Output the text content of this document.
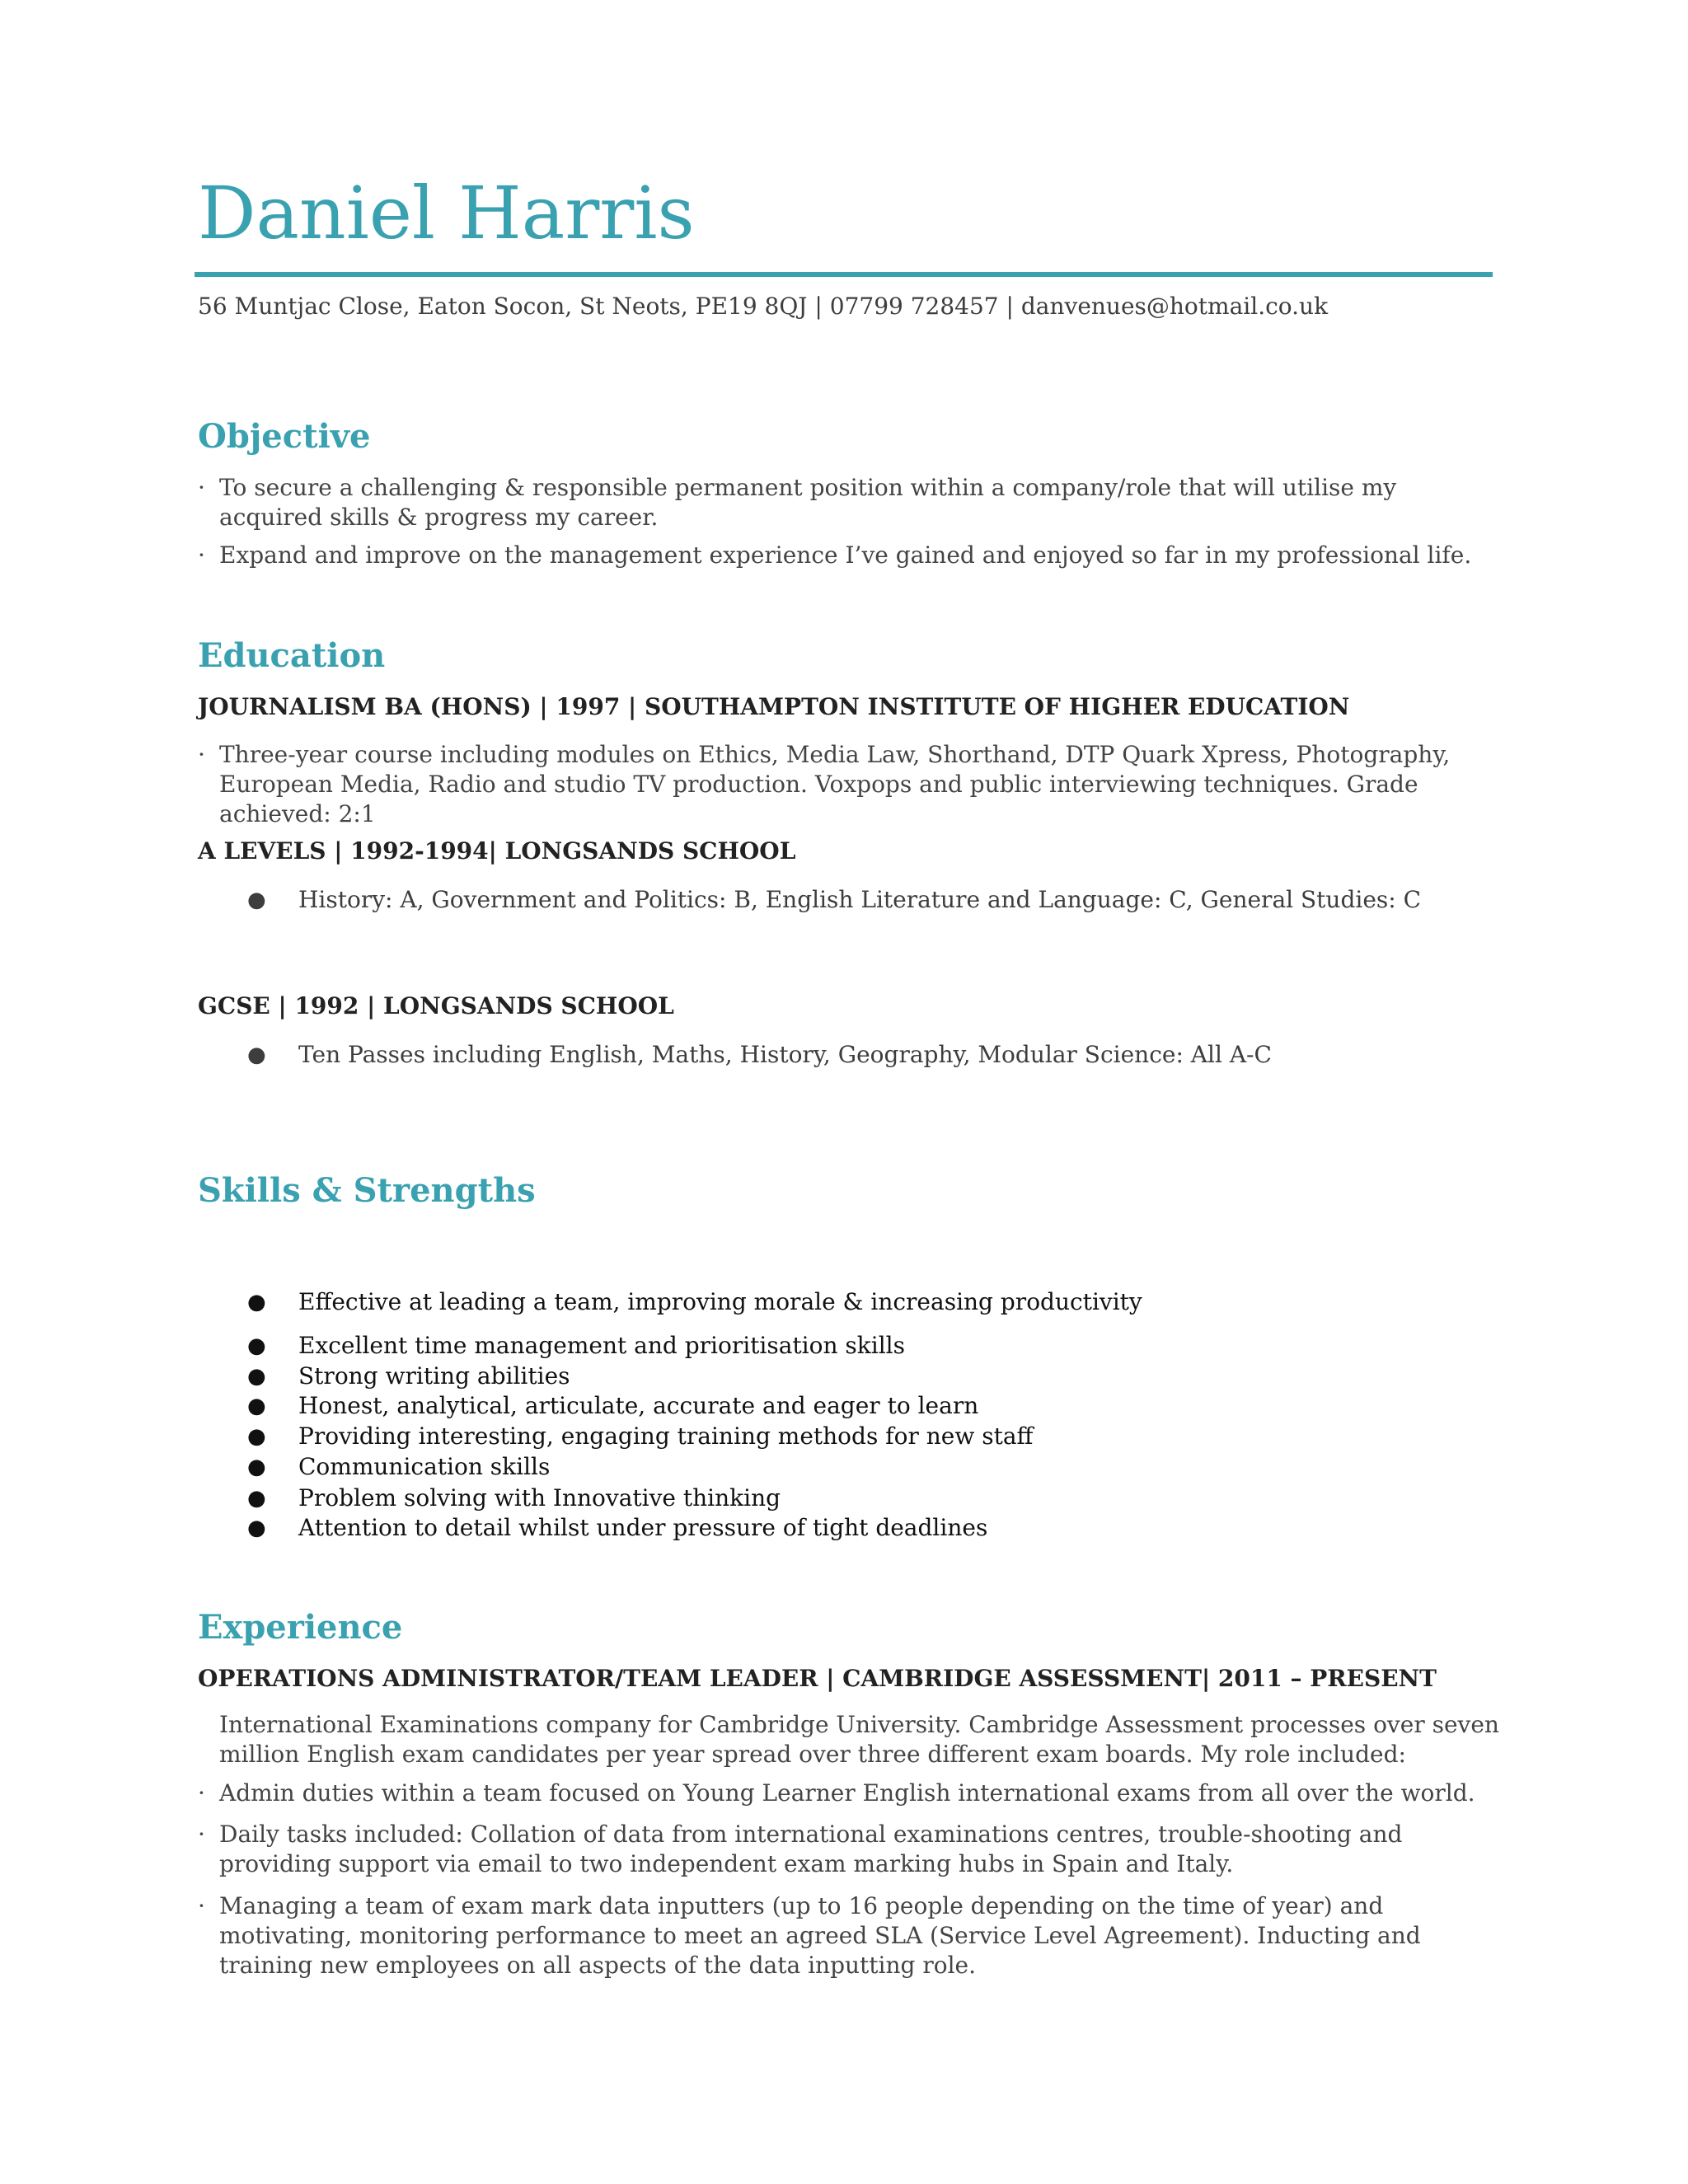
Daniel Harris
56 Muntjac Close, Eaton Socon, St Neots, PE19 8QJ | 07799 728457 | danvenues@hotmail.co.uk
Objective
· To secure a challenging & responsible permanent position within a company/role that will utilise my acquired skills & progress my career.
· Expand and improve on the management experience I’ve gained and enjoyed so far in my professional life.
Education
JOURNALISM BA (HONS) | 1997 | SOUTHAMPTON INSTITUTE OF HIGHER EDUCATION
· Three-year course including modules on Ethics, Media Law, Shorthand, DTP Quark Xpress, Photography, European Media, Radio and studio TV production. Voxpops and public interviewing techniques. Grade achieved: 2:1
A LEVELS | 1992-1994| LONGSANDS SCHOOL
● History: A, Government and Politics: B, English Literature and Language: C, General Studies: C
GCSE | 1992 | LONGSANDS SCHOOL
● Ten Passes including English, Maths, History, Geography, Modular Science: All A-C
Skills & Strengths
● Effective at leading a team, improving morale & increasing productivity
● Excellent time management and prioritisation skills
● Strong writing abilities
● Honest, analytical, articulate, accurate and eager to learn
● Providing interesting, engaging training methods for new staff
● Communication skills
● Problem solving with Innovative thinking
● Attention to detail whilst under pressure of tight deadlines
Experience
OPERATIONS ADMINISTRATOR/TEAM LEADER | CAMBRIDGE ASSESSMENT| 2011 – PRESENT
International Examinations company for Cambridge University. Cambridge Assessment processes over seven million English exam candidates per year spread over three different exam boards. My role included:
· Admin duties within a team focused on Young Learner English international exams from all over the world.
· Daily tasks included: Collation of data from international examinations centres, trouble-shooting and providing support via email to two independent exam marking hubs in Spain and Italy.
· Managing a team of exam mark data inputters (up to 16 people depending on the time of year) and motivating, monitoring performance to meet an agreed SLA (Service Level Agreement). Inducting and training new employees on all aspects of the data inputting role.
